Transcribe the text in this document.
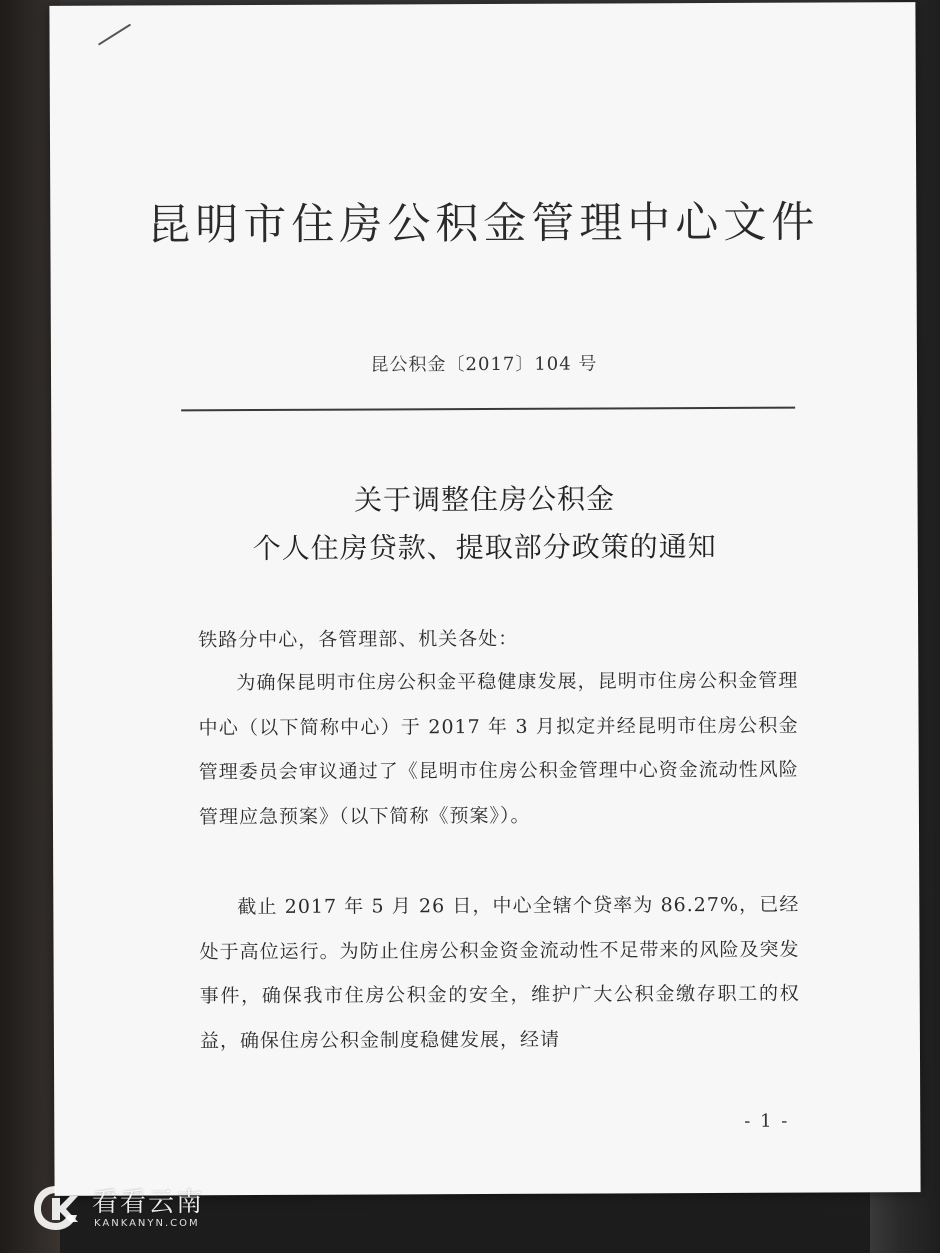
昆明市住房公积金管理中心文件
昆公积金〔2017〕104 号
关于调整住房公积金
个人住房贷款、提取部分政策的通知
铁路分中心，各管理部、机关各处：
为确保昆明市住房公积金平稳健康发展，昆明市住房公积金管理中心（以下简称中心）于 2017 年 3 月拟定并经昆明市住房公积金管理委员会审议通过了《昆明市住房公积金管理中心资金流动性风险管理应急预案》（以下简称《预案》）。
截止 2017 年 5 月 26 日，中心全辖个贷率为 86.27%，已经处于高位运行。为防止住房公积金资金流动性不足带来的风险及突发事件，确保我市住房公积金的安全，维护广大公积金缴存职工的权益，确保住房公积金制度稳健发展，经请
- 1 -
看看云南
KANKANYN.COM
